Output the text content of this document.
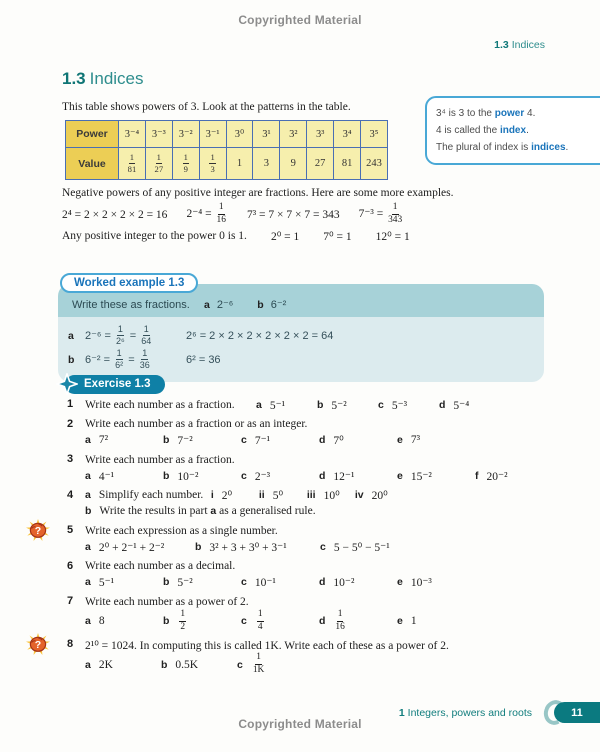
Copyrighted Material
1.3 Indices
1.3 Indices

This table shows powers of 3. Look at the patterns in the table.

Power	3⁻⁴	3⁻³	3⁻²	3⁻¹	3⁰	3¹	3²	3³	3⁴	3⁵
Value	$\frac{1}{81}$	$\frac{1}{27}$	$\frac{1}{9}$	$\frac{1}{3}$	1	3	9	27	81	243
3⁴ is 3 to the power 4.
4 is called the index.
The plural of index is indices.

Negative powers of any positive integer are fractions. Here are some more examples.

2⁴ = 2 × 2 × 2 × 2 = 16 $2^{-4} = \frac{1}{16} 7^3 = 7 \times 7 \times 7 = 343$ $7^{-3} = \frac{1}{343}$
Any positive integer to the power 0 is 1. 2⁰ = 1 7⁰ = 1 12⁰ = 1
Worked example 1.3
Write these as fractions.	a 2⁻⁶ b 6⁻²
a	$2^{-6} = \frac{1}{\text{2⁶}} = \frac{1}{64}$	2⁶ = 2 × 2 × 2 × 2 × 2 × 2 = 64
b $6^{-2} = \frac{1}{\text{6²}} = \frac{1}{36}$	6² = 36
Exercise 1.3
1 Write each number as a fraction.	a 5⁻¹	b 5⁻²	c 5⁻³	d 5⁻⁴
2 Write each number as a fraction or as an integer.
a 7²	b 7⁻²	c 7⁻¹	d 7⁰	e 7³
3 Write each number as a fraction.
a 4⁻¹	b 10⁻²	c 2⁻³	d 12⁻¹	e 15⁻²	f 20⁻²
4 a Simplify each number. i 2⁰	ii 5⁰ iii 10⁰ iv 20⁰
b Write the results in part a as a generalised rule.
? 5 Write each expression as a single number.
a 2⁰ + 2⁻¹ + 2⁻²	b 3² + 3 + 3⁰ + 3⁻¹	c 5 − 5⁰ − 5⁻¹
6 Write each number as a decimal.
a 5⁻¹	b 5⁻²	c 10⁻¹	d 10⁻²	e 10⁻³
7 Write each number as a power of 2.
a 8	b $\frac{1}{2}$	c $\frac{1}{4}$	d $\frac{1}{16}$	e 1
? 8 2¹⁰ = 1024. In computing this is called 1K. Write each of these as a power of 2.
a 2K	b 0.5K	c $\frac{1}{1K}$
1 Integers, powers and roots	11
Copyrighted Material
